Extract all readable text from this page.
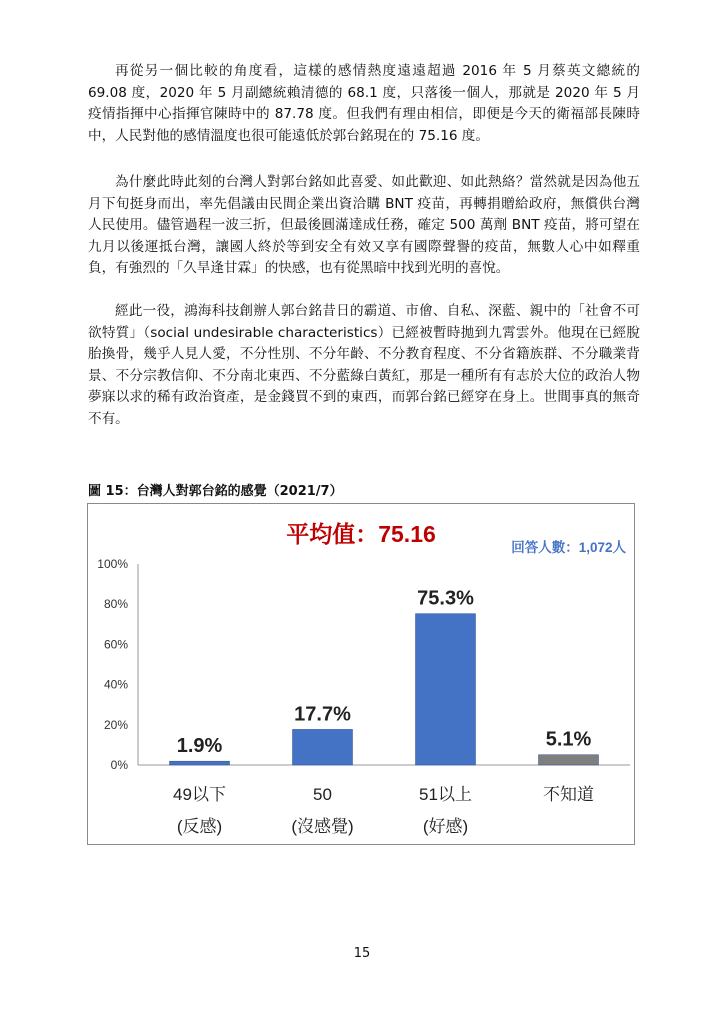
再從另一個比較的角度看，這樣的感情熱度遠遠超過 2016 年 5 月蔡英文總統的 69.08 度，2020 年 5 月副總統賴清德的 68.1 度，只落後一個人，那就是 2020 年 5 月疫情指揮中心指揮官陳時中的 87.78 度。但我們有理由相信，即便是今天的衛福部長陳時中，人民對他的感情溫度也很可能遠低於郭台銘現在的 75.16 度。

為什麼此時此刻的台灣人對郭台銘如此喜愛、如此歡迎、如此熱絡？當然就是因為他五月下旬挺身而出，率先倡議由民間企業出資洽購 BNT 疫苗，再轉捐贈給政府，無償供台灣人民使用。儘管過程一波三折，但最後圓滿達成任務，確定 500 萬劑 BNT 疫苗，將可望在九月以後運抵台灣，讓國人終於等到安全有效又享有國際聲譽的疫苗，無數人心中如釋重負，有強烈的「久旱逢甘霖」的快感，也有從黑暗中找到光明的喜悅。

經此一役，鴻海科技創辦人郭台銘昔日的霸道、市儈、自私、深藍、親中的「社會不可欲特質」（social undesirable characteristics）已經被暫時拋到九霄雲外。他現在已經脫胎換骨，幾乎人見人愛，不分性別、不分年齡、不分教育程度、不分省籍族群、不分職業背景、不分宗教信仰、不分南北東西、不分藍綠白黃紅，那是一種所有有志於大位的政治人物夢寐以求的稀有政治資產，是金錢買不到的東西，而郭台銘已經穿在身上。世間事真的無奇不有。

圖 15：台灣人對郭台銘的感覺（2021/7）

平均值：75.16
回答人數：1,072人
0%
20%
40%
60%
80%
100%
1.9%
49以下
(反感)
17.7%
50
(沒感覺)
75.3%
51以上
(好感)
5.1%
不知道
15
